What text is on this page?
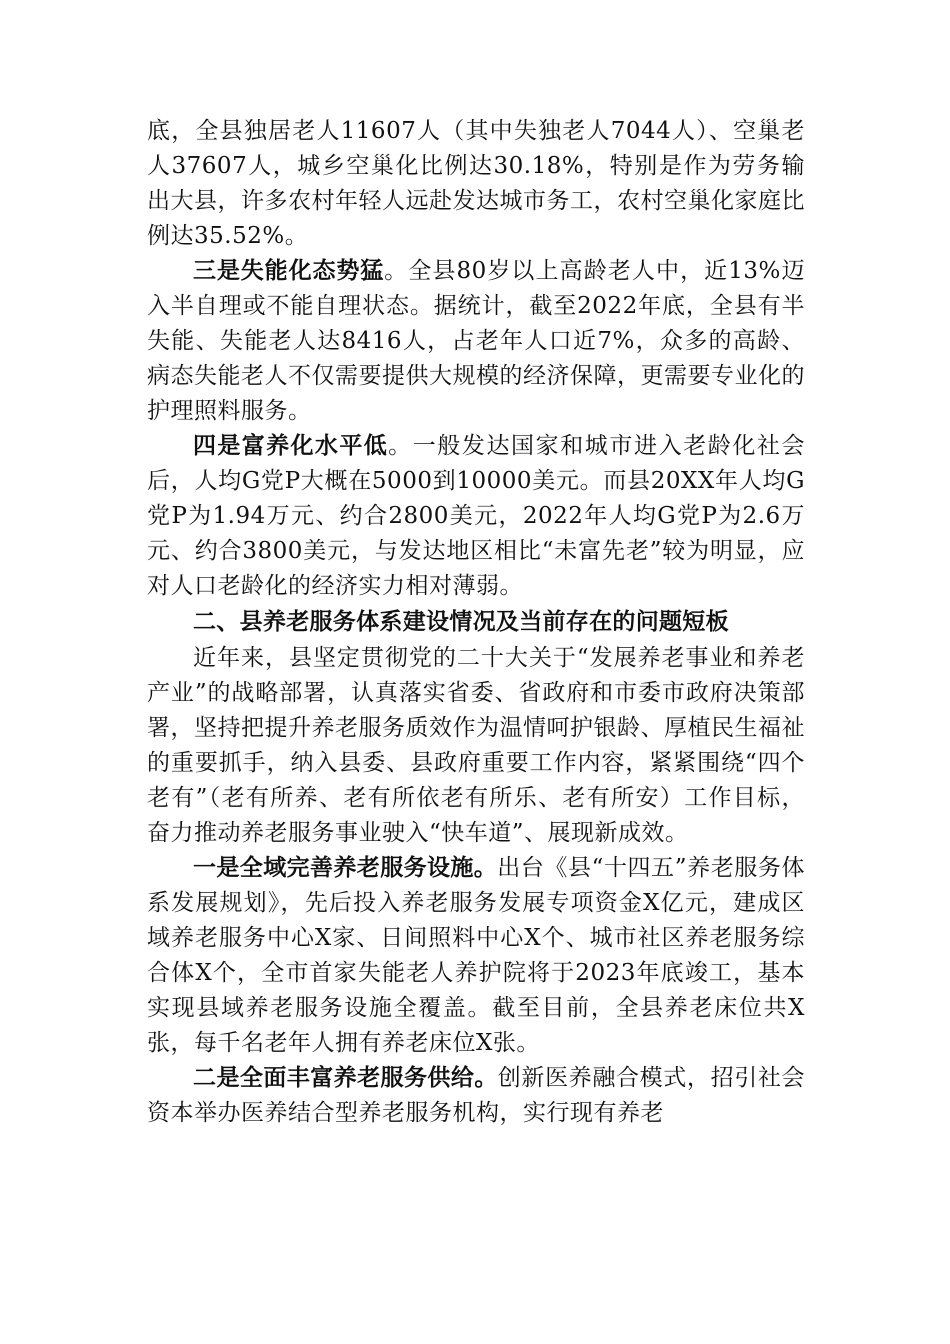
底，全县独居老人11607人（其中失独老人7044人）、空巢老人37607人，城乡空巢化比例达30.18%，特别是作为劳务输出大县，许多农村年轻人远赴发达城市务工，农村空巢化家庭比例达35.52%。

三是失能化态势猛。全县80岁以上高龄老人中，近13%迈入半自理或不能自理状态。据统计，截至2022年底，全县有半失能、失能老人达8416人，占老年人口近7%，众多的高龄、病态失能老人不仅需要提供大规模的经济保障，更需要专业化的护理照料服务。

四是富养化水平低。一般发达国家和城市进入老龄化社会后，人均G党P大概在5000到10000美元。而县20XX年人均G党P为1.94万元、约合2800美元，2022年人均G党P为2.6万元、约合3800美元，与发达地区相比“未富先老”较为明显，应对人口老龄化的经济实力相对薄弱。

二、县养老服务体系建设情况及当前存在的问题短板

近年来，县坚定贯彻党的二十大关于“发展养老事业和养老产业”的战略部署，认真落实省委、省政府和市委市政府决策部署，坚持把提升养老服务质效作为温情呵护银龄、厚植民生福祉的重要抓手，纳入县委、县政府重要工作内容，紧紧围绕“四个老有”（老有所养、老有所依老有所乐、老有所安）工作目标，奋力推动养老服务事业驶入“快车道”、展现新成效。

一是全域完善养老服务设施。出台《县“十四五”养老服务体系发展规划》，先后投入养老服务发展专项资金X亿元，建成区域养老服务中心X家、日间照料中心X个、城市社区养老服务综合体X个，全市首家失能老人养护院将于2023年底竣工，基本实现县域养老服务设施全覆盖。截至目前，全县养老床位共X张，每千名老年人拥有养老床位X张。

二是全面丰富养老服务供给。创新医养融合模式，招引社会资本举办医养结合型养老服务机构，实行现有养老
